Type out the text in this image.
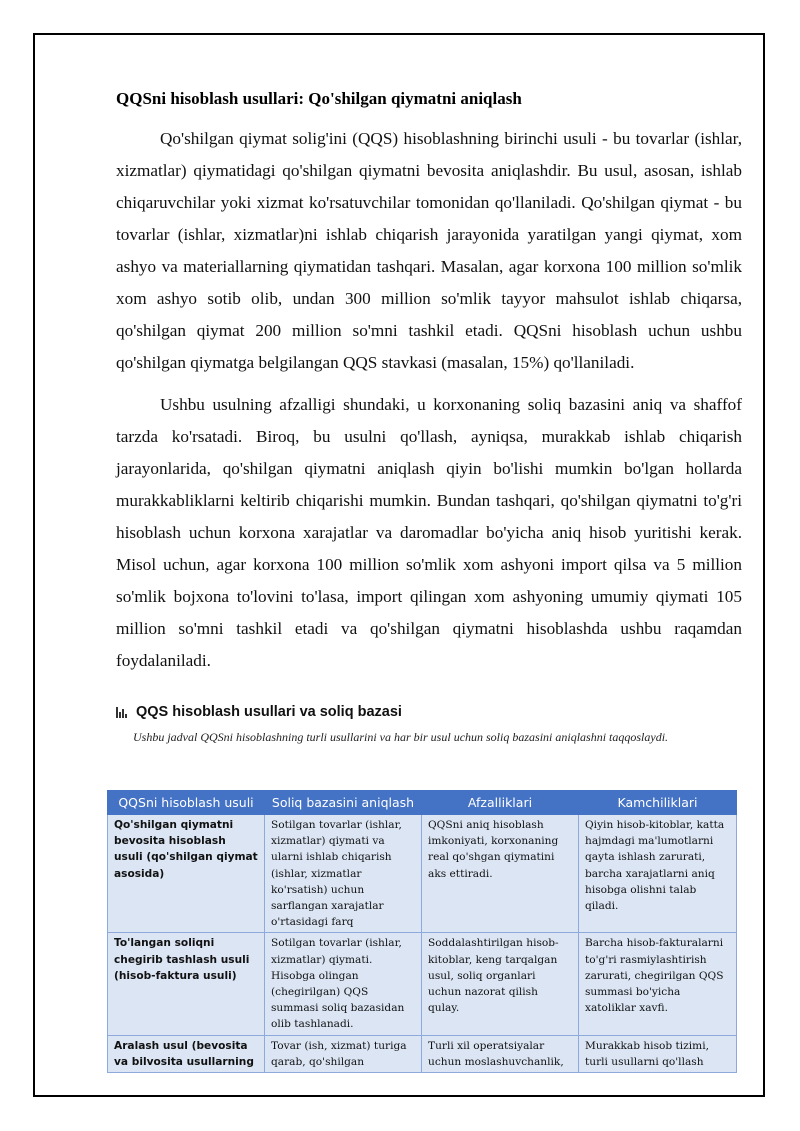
QQSni hisoblash usullari: Qo'shilgan qiymatni aniqlash

Qo'shilgan qiymat solig'ini (QQS) hisoblashning birinchi usuli - bu tovarlar (ishlar, xizmatlar) qiymatidagi qo'shilgan qiymatni bevosita aniqlashdir. Bu usul, asosan, ishlab chiqaruvchilar yoki xizmat ko'rsatuvchilar tomonidan qo'llaniladi. Qo'shilgan qiymat - bu tovarlar (ishlar, xizmatlar)ni ishlab chiqarish jarayonida yaratilgan yangi qiymat, xom ashyo va materiallarning qiymatidan tashqari. Masalan, agar korxona 100 million so'mlik xom ashyo sotib olib, undan 300 million so'mlik tayyor mahsulot ishlab chiqarsa, qo'shilgan qiymat 200 million so'mni tashkil etadi. QQSni hisoblash uchun ushbu qo'shilgan qiymatga belgilangan QQS stavkasi (masalan, 15%) qo'llaniladi.

Ushbu usulning afzalligi shundaki, u korxonaning soliq bazasini aniq va shaffof tarzda ko'rsatadi. Biroq, bu usulni qo'llash, ayniqsa, murakkab ishlab chiqarish jarayonlarida, qo'shilgan qiymatni aniqlash qiyin bo'lishi mumkin bo'lgan hollarda murakkabliklarni keltirib chiqarishi mumkin. Bundan tashqari, qo'shilgan qiymatni to'g'ri hisoblash uchun korxona xarajatlar va daromadlar bo'yicha aniq hisob yuritishi kerak. Misol uchun, agar korxona 100 million so'mlik xom ashyoni import qilsa va 5 million so'mlik bojxona to'lovini to'lasa, import qilingan xom ashyoning umumiy qiymati 105 million so'mni tashkil etadi va qo'shilgan qiymatni hisoblashda ushbu raqamdan foydalaniladi.

QQS hisoblash usullari va soliq bazasi
Ushbu jadval QQSni hisoblashning turli usullarini va har bir usul uchun soliq bazasini aniqlashni taqqoslaydi.
QQSni hisoblash usuli	Soliq bazasini aniqlash	Afzalliklari	Kamchiliklari
Qo'shilgan qiymatni bevosita hisoblash usuli (qo'shilgan qiymat asosida)	Sotilgan tovarlar (ishlar, xizmatlar) qiymati va ularni ishlab chiqarish (ishlar, xizmatlar ko'rsatish) uchun sarflangan xarajatlar o'rtasidagi farq	QQSni aniq hisoblash imkoniyati, korxonaning real qo'shgan qiymatini aks ettiradi.	Qiyin hisob-kitoblar, katta hajmdagi ma'lumotlarni qayta ishlash zarurati, barcha xarajatlarni aniq hisobga olishni talab qiladi.
To'langan soliqni chegirib tashlash usuli (hisob-faktura usuli)	Sotilgan tovarlar (ishlar, xizmatlar) qiymati. Hisobga olingan (chegirilgan) QQS summasi soliq bazasidan olib tashlanadi.	Soddalashtirilgan hisob-kitoblar, keng tarqalgan usul, soliq organlari uchun nazorat qilish qulay.	Barcha hisob-fakturalarni to'g'ri rasmiylashtirish zarurati, chegirilgan QQS summasi bo'yicha xatoliklar xavfi.
Aralash usul (bevosita va bilvosita usullarning	Tovar (ish, xizmat) turiga qarab, qo'shilgan	Turli xil operatsiyalar uchun moslashuvchanlik,	Murakkab hisob tizimi, turli usullarni qo'llash
